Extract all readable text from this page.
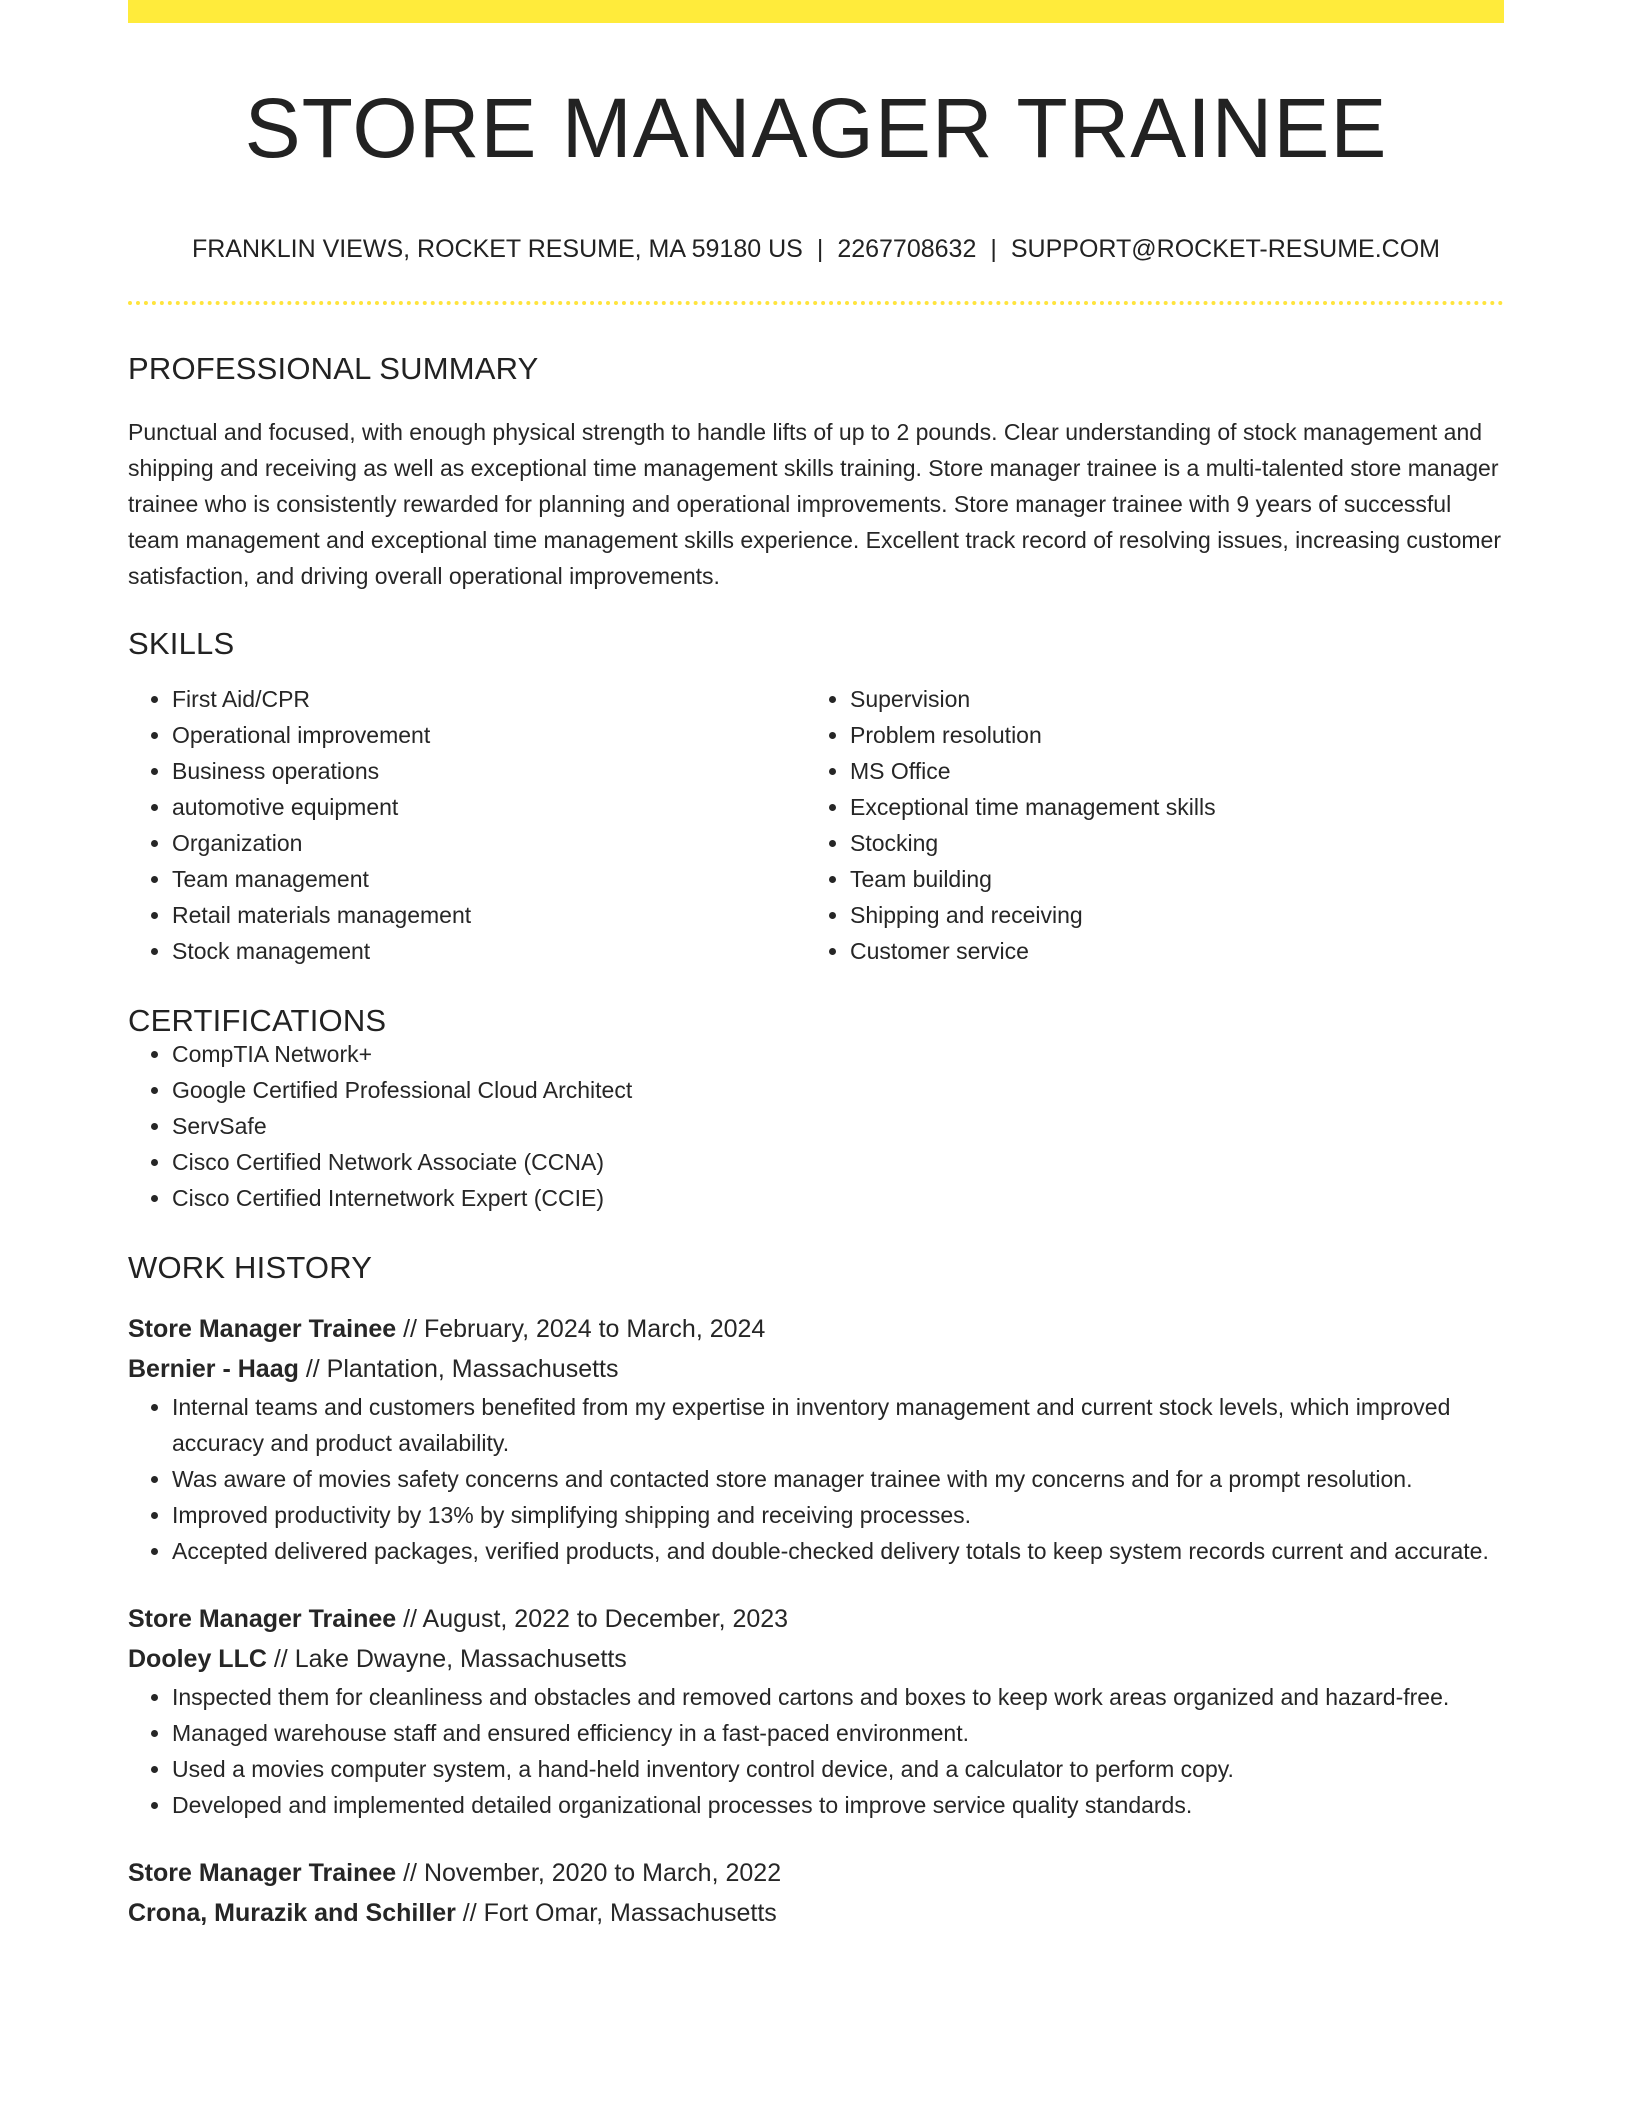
STORE MANAGER TRAINEE
FRANKLIN VIEWS, ROCKET RESUME, MA 59180 US | 2267708632 | SUPPORT@ROCKET-RESUME.COM
PROFESSIONAL SUMMARY

Punctual and focused, with enough physical strength to handle lifts of up to 2 pounds. Clear understanding of stock management and shipping and receiving as well as exceptional time management skills training. Store manager trainee is a multi-talented store manager trainee who is consistently rewarded for planning and operational improvements. Store manager trainee with 9 years of successful team management and exceptional time management skills experience. Excellent track record of resolving issues, increasing customer satisfaction, and driving overall operational improvements.

SKILLS
• First Aid/CPR
• Operational improvement
• Business operations
• automotive equipment
• Organization
• Team management
• Retail materials management
• Stock management
• Supervision
• Problem resolution
• MS Office
• Exceptional time management skills
• Stocking
• Team building
• Shipping and receiving
• Customer service
CERTIFICATIONS
• CompTIA Network+
• Google Certified Professional Cloud Architect
• ServSafe
• Cisco Certified Network Associate (CCNA)
• Cisco Certified Internetwork Expert (CCIE)
WORK HISTORY
Store Manager Trainee // February, 2024 to March, 2024
Bernier - Haag // Plantation, Massachusetts
• Internal teams and customers benefited from my expertise in inventory management and current stock levels, which improved accuracy and product availability.
• Was aware of movies safety concerns and contacted store manager trainee with my concerns and for a prompt resolution.
• Improved productivity by 13% by simplifying shipping and receiving processes.
• Accepted delivered packages, verified products, and double-checked delivery totals to keep system records current and accurate.
Store Manager Trainee // August, 2022 to December, 2023
Dooley LLC // Lake Dwayne, Massachusetts
• Inspected them for cleanliness and obstacles and removed cartons and boxes to keep work areas organized and hazard-free.
• Managed warehouse staff and ensured efficiency in a fast-paced environment.
• Used a movies computer system, a hand-held inventory control device, and a calculator to perform copy.
• Developed and implemented detailed organizational processes to improve service quality standards.
Store Manager Trainee // November, 2020 to March, 2022
Crona, Murazik and Schiller // Fort Omar, Massachusetts
